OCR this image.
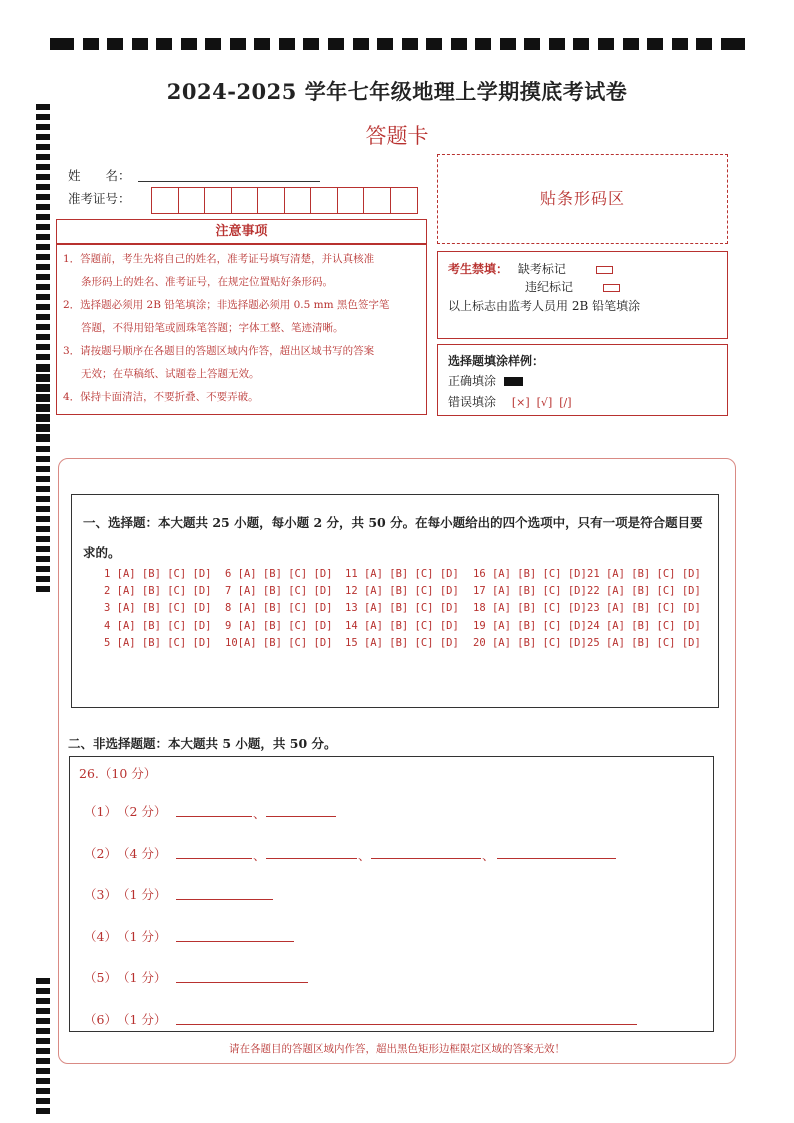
2024-2025 学年七年级地理上学期摸底考试卷
答题卡
姓　　名：
准考证号：	贴条形码区
注意事项
1．答题前，考生先将自己的姓名，准考证号填写清楚，并认真核准
条形码上的姓名、准考证号，在规定位置贴好条形码。
2．选择题必须用 2B 铅笔填涂；非选择题必须用 0.5 mm 黑色签字笔
答题，不得用铅笔或圆珠笔答题；字体工整、笔迹清晰。
3．请按题号顺序在各题目的答题区域内作答，超出区域书写的答案
无效；在草稿纸、试题卷上答题无效。
4．保持卡面清洁，不要折叠、不要弄破。
考生禁填： 缺考标记
违纪标记
以上标志由监考人员用 2B 铅笔填涂
选择题填涂样例：
正确填涂
错误填涂 [×]  [√]  [/]
一、选择题：本大题共 25 小题，每小题 2 分，共 50 分。在每小题给出的四个选项中，只有一项是符合题目要求的。
1 [A] [B] [C] [D]
2 [A] [B] [C] [D]
3 [A] [B] [C] [D]
4 [A] [B] [C] [D]
5 [A] [B] [C] [D]
6 [A] [B] [C] [D]
7 [A] [B] [C] [D]
8 [A] [B] [C] [D]
9 [A] [B] [C] [D]
10[A] [B] [C] [D]
11 [A] [B] [C] [D]
12 [A] [B] [C] [D]
13 [A] [B] [C] [D]
14 [A] [B] [C] [D]
15 [A] [B] [C] [D]
16 [A] [B] [C] [D]
17 [A] [B] [C] [D]
18 [A] [B] [C] [D]
19 [A] [B] [C] [D]
20 [A] [B] [C] [D]
21 [A] [B] [C] [D]
22 [A] [B] [C] [D]
23 [A] [B] [C] [D]
24 [A] [B] [C] [D]
25 [A] [B] [C] [D]
二、非选择题题：本大题共 5 小题，共 50 分。
26.（10 分）
（1）　（2 分）	、
（2）　（4 分）	、	、	、
（3）　（1 分）
（4）　（1 分）
（5）　（1 分）
（6）　（1 分）
请在各题目的答题区域内作答，超出黑色矩形边框限定区域的答案无效！
